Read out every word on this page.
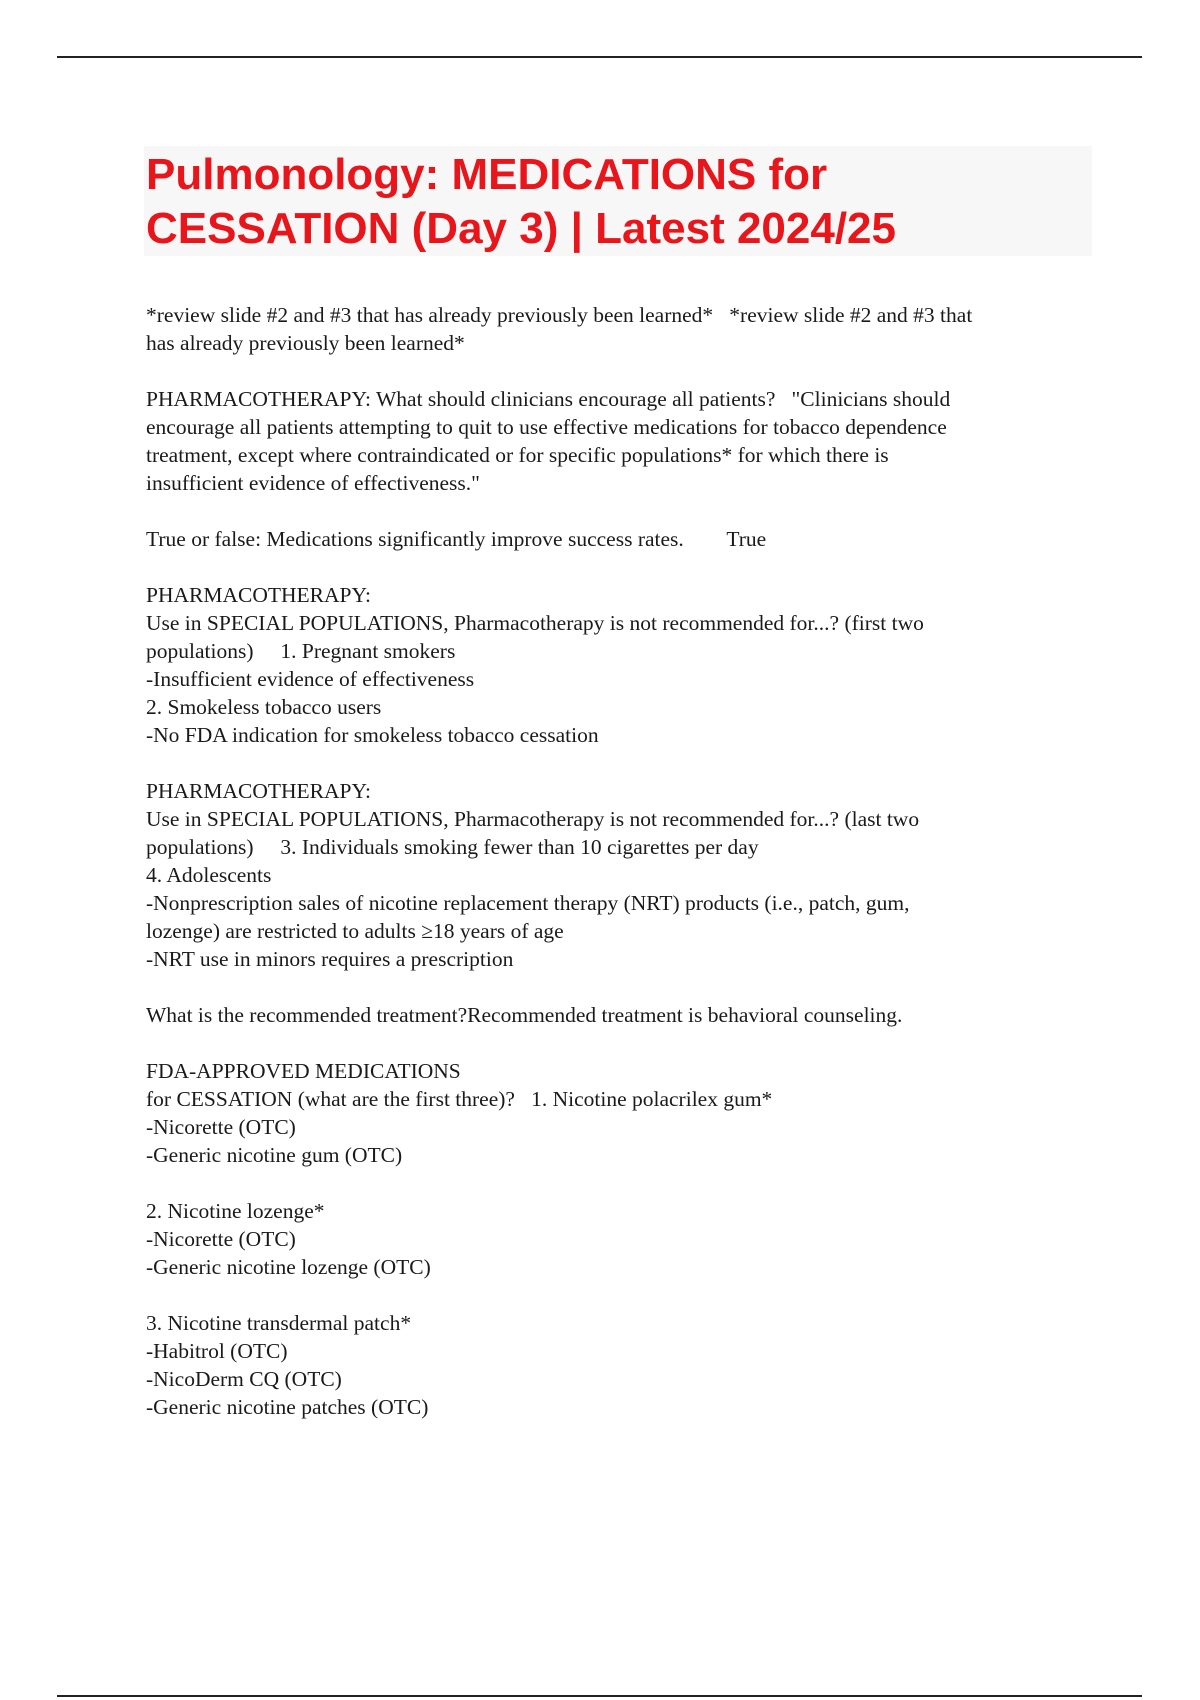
Pulmonology: MEDICATIONS for
CESSATION (Day 3) | Latest 2024/25

*review slide #2 and #3 that has already previously been learned*   *review slide #2 and #3 that
has already previously been learned*

PHARMACOTHERAPY: What should clinicians encourage all patients?   "Clinicians should
encourage all patients attempting to quit to use effective medications for tobacco dependence
treatment, except where contraindicated or for specific populations* for which there is
insufficient evidence of effectiveness."

True or false: Medications significantly improve success rates.        True

PHARMACOTHERAPY:
Use in SPECIAL POPULATIONS, Pharmacotherapy is not recommended for...? (first two
populations)     1. Pregnant smokers
-Insufficient evidence of effectiveness
2. Smokeless tobacco users
-No FDA indication for smokeless tobacco cessation

PHARMACOTHERAPY:
Use in SPECIAL POPULATIONS, Pharmacotherapy is not recommended for...? (last two
populations)     3. Individuals smoking fewer than 10 cigarettes per day
4. Adolescents
-Nonprescription sales of nicotine replacement therapy (NRT) products (i.e., patch, gum,
lozenge) are restricted to adults ≥18 years of age
-NRT use in minors requires a prescription

What is the recommended treatment?Recommended treatment is behavioral counseling.

FDA-APPROVED MEDICATIONS
for CESSATION (what are the first three)?   1. Nicotine polacrilex gum*
-Nicorette (OTC)
-Generic nicotine gum (OTC)

2. Nicotine lozenge*
-Nicorette (OTC)
-Generic nicotine lozenge (OTC)

3. Nicotine transdermal patch*
-Habitrol (OTC)
-NicoDerm CQ (OTC)
-Generic nicotine patches (OTC)
